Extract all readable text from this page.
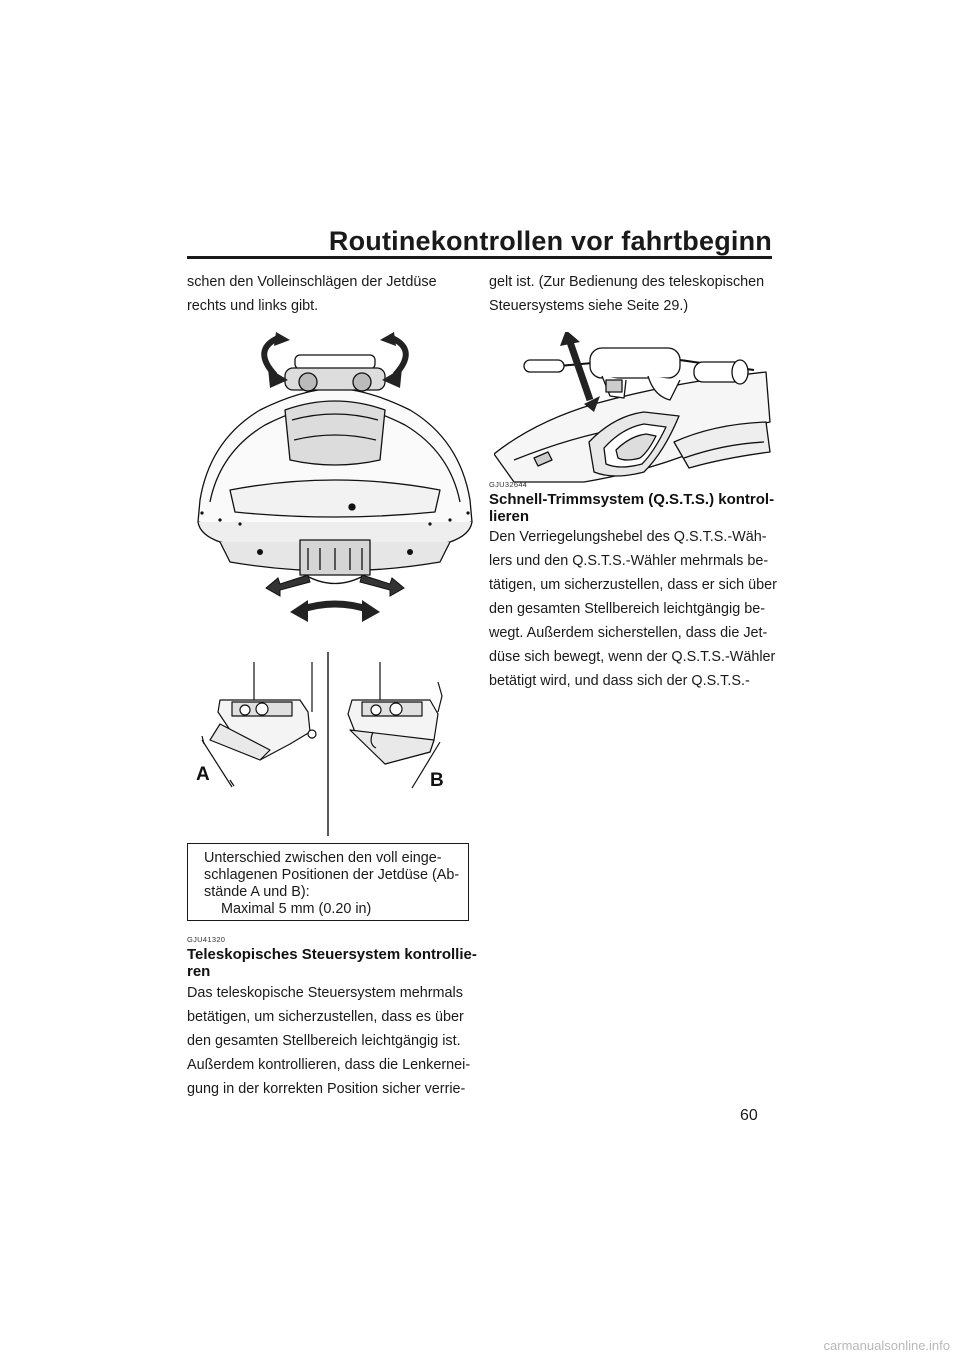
Routinekontrollen vor fahrtbeginn
schen den Volleinschlägen der Jetdüse
rechts und links gibt.
A	B
Unterschied zwischen den voll einge-
schlagenen Positionen der Jetdüse (Ab-
stände A und B):
Maximal 5 mm (0.20 in)
GJU41320
Teleskopisches Steuersystem kontrollie-
ren
Das teleskopische Steuersystem mehrmals
betätigen, um sicherzustellen, dass es über
den gesamten Stellbereich leichtgängig ist.
Außerdem kontrollieren, dass die Lenkernei-
gung in der korrekten Position sicher verrie-
gelt ist. (Zur Bedienung des teleskopischen
Steuersystems siehe Seite 29.)
GJU32644
Schnell-Trimmsystem (Q.S.T.S.) kontrol-
lieren
Den Verriegelungshebel des Q.S.T.S.-Wäh-
lers und den Q.S.T.S.-Wähler mehrmals be-
tätigen, um sicherzustellen, dass er sich über
den gesamten Stellbereich leichtgängig be-
wegt. Außerdem sicherstellen, dass die Jet-
düse sich bewegt, wenn der Q.S.T.S.-Wähler
betätigt wird, und dass sich der Q.S.T.S.-
60
carmanualsonline.info
